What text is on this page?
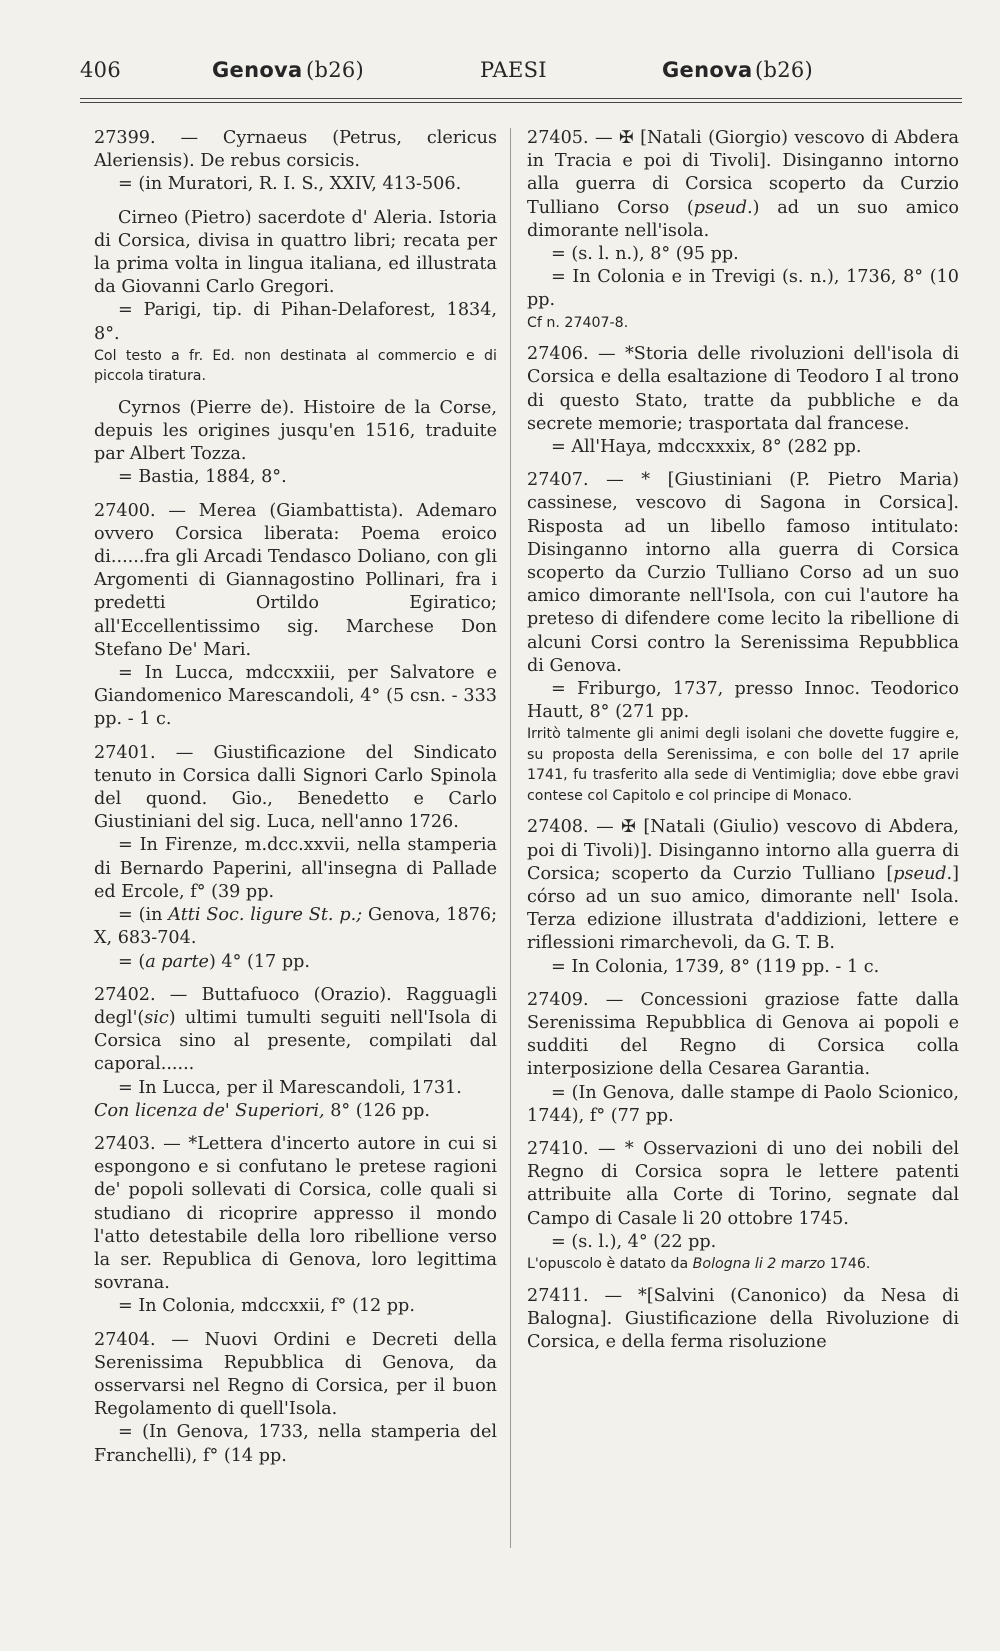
406	Genova (b26)	PAESI	Genova (b26)

27399. — Cyrnaeus (Petrus, clericus Aleriensis). De rebus corsicis.

= (in Muratori, R. I. S., XXIV, 413-506.

Cirneo (Pietro) sacerdote d' Aleria. Istoria di Corsica, divisa in quattro libri; recata per la prima volta in lingua italiana, ed illustrata da Giovanni Carlo Gregori.

= Parigi, tip. di Pihan-Delaforest, 1834, 8°.

Col testo a fr. Ed. non destinata al commercio e di piccola tiratura.

Cyrnos (Pierre de). Histoire de la Corse, depuis les origines jusqu'en 1516, traduite par Albert Tozza.

= Bastia, 1884, 8°.

27400. — Merea (Giambattista). Ademaro ovvero Corsica liberata: Poema eroico di......fra gli Arcadi Tendasco Doliano, con gli Argomenti di Giannagostino Pollinari, fra i predetti Ortildo Egiratico; all'Eccellentissimo sig. Marchese Don Stefano De' Mari.

= In Lucca, mdccxxiii, per Salvatore e Giandomenico Marescandoli, 4° (5 csn. - 333 pp. - 1 c.

27401. — Giustificazione del Sindicato tenuto in Corsica dalli Signori Carlo Spinola del quond. Gio., Benedetto e Carlo Giustiniani del sig. Luca, nell'anno 1726.

= In Firenze, m.dcc.xxvii, nella stamperia di Bernardo Paperini, all'insegna di Pallade ed Ercole, f° (39 pp.

= (in Atti Soc. ligure St. p.; Genova, 1876; X, 683-704.

= (a parte) 4° (17 pp.

27402. — Buttafuoco (Orazio). Ragguagli degl'(sic) ultimi tumulti seguiti nell'Isola di Corsica sino al presente, compilati dal caporal......

= In Lucca, per il Marescandoli, 1731.

Con licenza de' Superiori, 8° (126 pp.

27403. — *Lettera d'incerto autore in cui si espongono e si confutano le pretese ragioni de' popoli sollevati di Corsica, colle quali si studiano di ricoprire appresso il mondo l'atto detestabile della loro ribellione verso la ser. Republica di Genova, loro legittima sovrana.

= In Colonia, mdccxxii, f° (12 pp.

27404. — Nuovi Ordini e Decreti della Serenissima Repubblica di Genova, da osservarsi nel Regno di Corsica, per il buon Regolamento di quell'Isola.

= (In Genova, 1733, nella stamperia del Franchelli), f° (14 pp.

27405. — ✠ [Natali (Giorgio) vescovo di Abdera in Tracia e poi di Tivoli]. Disinganno intorno alla guerra di Corsica scoperto da Curzio Tulliano Corso (pseud.) ad un suo amico dimorante nell'isola.

= (s. l. n.), 8° (95 pp.

= In Colonia e in Trevigi (s. n.), 1736, 8° (10 pp.

Cf n. 27407-8.

27406. — *Storia delle rivoluzioni dell'isola di Corsica e della esaltazione di Teodoro I al trono di questo Stato, tratte da pubbliche e da secrete memorie; trasportata dal francese.

= All'Haya, mdccxxxix, 8° (282 pp.

27407. — * [Giustiniani (P. Pietro Maria) cassinese, vescovo di Sagona in Corsica]. Risposta ad un libello famoso intitulato: Disinganno intorno alla guerra di Corsica scoperto da Curzio Tulliano Corso ad un suo amico dimorante nell'Isola, con cui l'autore ha preteso di difendere come lecito la ribellione di alcuni Corsi contro la Serenissima Repubblica di Genova.

= Friburgo, 1737, presso Innoc. Teodorico Hautt, 8° (271 pp.

Irritò talmente gli animi degli isolani che dovette fuggire e, su proposta della Serenissima, e con bolle del 17 aprile 1741, fu trasferito alla sede di Ventimiglia; dove ebbe gravi contese col Capitolo e col principe di Monaco.

27408. — ✠ [Natali (Giulio) vescovo di Abdera, poi di Tivoli)]. Disinganno intorno alla guerra di Corsica; scoperto da Curzio Tulliano [pseud.] córso ad un suo amico, dimorante nell' Isola. Terza edizione illustrata d'addizioni, lettere e riflessioni rimarchevoli, da G. T. B.

= In Colonia, 1739, 8° (119 pp. - 1 c.

27409. — Concessioni graziose fatte dalla Serenissima Repubblica di Genova ai popoli e sudditi del Regno di Corsica colla interposizione della Cesarea Garantia.

= (In Genova, dalle stampe di Paolo Scionico, 1744), f° (77 pp.

27410. — * Osservazioni di uno dei nobili del Regno di Corsica sopra le lettere patenti attribuite alla Corte di Torino, segnate dal Campo di Casale li 20 ottobre 1745.

= (s. l.), 4° (22 pp.

L'opuscolo è datato da Bologna li 2 marzo 1746.

27411. — *[Salvini (Canonico) da Nesa di Balogna]. Giustificazione della Rivoluzione di Corsica, e della ferma risoluzione
